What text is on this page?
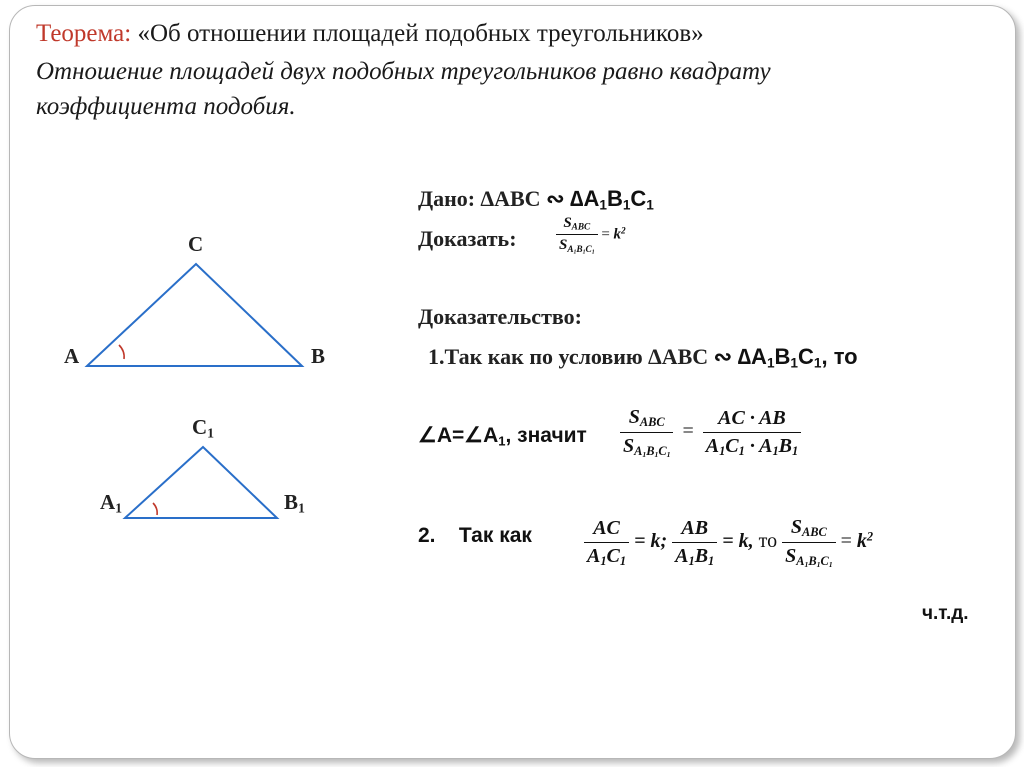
Теорема: «Об отношении площадей подобных треугольников»
Отношение площадей двух подобных треугольников равно квадрату
коэффициента подобия.
C
A	B
$C_1$
$A_1$	$B_1$
Дано: ∆ABC ∾ $\Delta A_1B_1C_1$
Доказать:	$\frac{S_{ABC}}{S_{A_1B_1C_1}} = k^2$
Доказательство:
1.Так как по условию ∆ABC ∾ $\Delta A_1B_1C_1$, то
$\angle A=\angle A_1$, значит $\frac{S_{ABC}}{S_{A_1B_1C_1}} = \frac{AC \cdot AB}{A_1C_1 \cdot A_1B_1}$
2. Так как	$\frac{AC}{A_1C_1} = k$; $\frac{AB}{A_1B_1} = k$, то $\frac{S_{ABC}}{S_{A_1B_1C_1}} = k^2$
ч.т.д.
